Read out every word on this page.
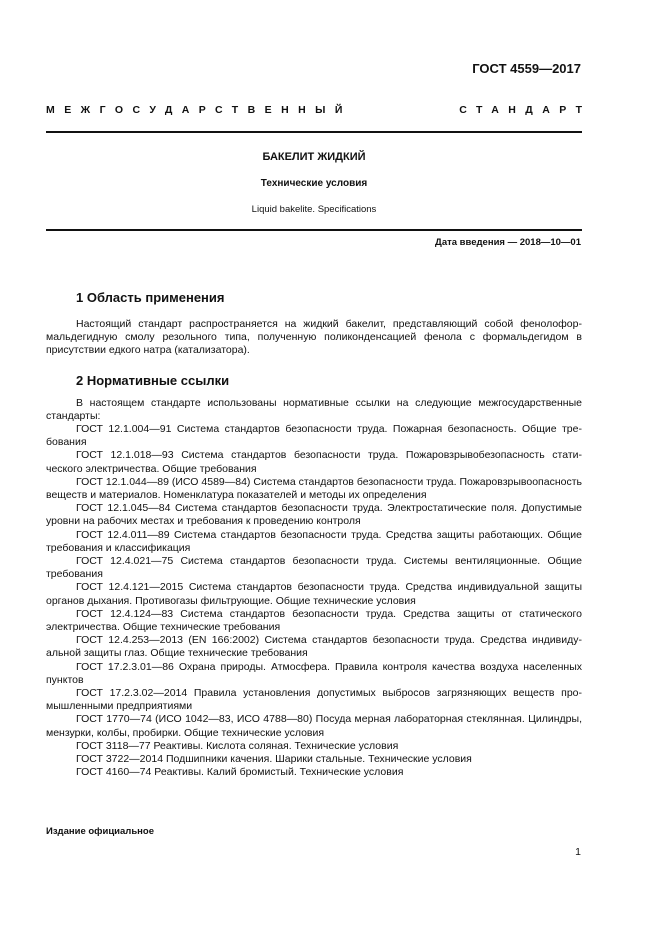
ГОСТ 4559—2017
МЕЖГОСУДАРСТВЕННЫЙ	СТАНДАРТ
БАКЕЛИТ ЖИДКИЙ
Технические условия
Liquid bakelite. Specifications
Дата введения — 2018—10—01
1 Область применения

Настоящий стандарт распространяется на жидкий бакелит, представляющий собой фенолоформальдегидную смолу резольного типа, полученную поликонденсацией фенола с формальдегидом в присутствии едкого натра (катализатора).

2 Нормативные ссылки

В настоящем стандарте использованы нормативные ссылки на следующие межгосударственные стандарты:

ГОСТ 12.1.004—91 Система стандартов безопасности труда. Пожарная безопасность. Общие требования
ГОСТ 12.1.018—93 Система стандартов безопасности труда. Пожаровзрывобезопасность статического электричества. Общие требования
ГОСТ 12.1.044—89 (ИСО 4589—84) Система стандартов безопасности труда. Пожаровзрывоопасность веществ и материалов. Номенклатура показателей и методы их определения
ГОСТ 12.1.045—84 Система стандартов безопасности труда. Электростатические поля. Допустимые уровни на рабочих местах и требования к проведению контроля
ГОСТ 12.4.011—89 Система стандартов безопасности труда. Средства защиты работающих. Общие требования и классификация
ГОСТ 12.4.021—75 Система стандартов безопасности труда. Системы вентиляционные. Общие требования
ГОСТ 12.4.121—2015 Система стандартов безопасности труда. Средства индивидуальной защиты органов дыхания. Противогазы фильтрующие. Общие технические условия
ГОСТ 12.4.124—83 Система стандартов безопасности труда. Средства защиты от статического электричества. Общие технические требования
ГОСТ 12.4.253—2013 (EN 166:2002) Система стандартов безопасности труда. Средства индивидуальной защиты глаз. Общие технические требования
ГОСТ 17.2.3.01—86 Охрана природы. Атмосфера. Правила контроля качества воздуха населенных пунктов
ГОСТ 17.2.3.02—2014 Правила установления допустимых выбросов загрязняющих веществ промышленными предприятиями
ГОСТ 1770—74 (ИСО 1042—83, ИСО 4788—80) Посуда мерная лабораторная стеклянная. Цилиндры, мензурки, колбы, пробирки. Общие технические условия
ГОСТ 3118—77 Реактивы. Кислота соляная. Технические условия
ГОСТ 3722—2014 Подшипники качения. Шарики стальные. Технические условия
ГОСТ 4160—74 Реактивы. Калий бромистый. Технические условия
Издание официальное
1
